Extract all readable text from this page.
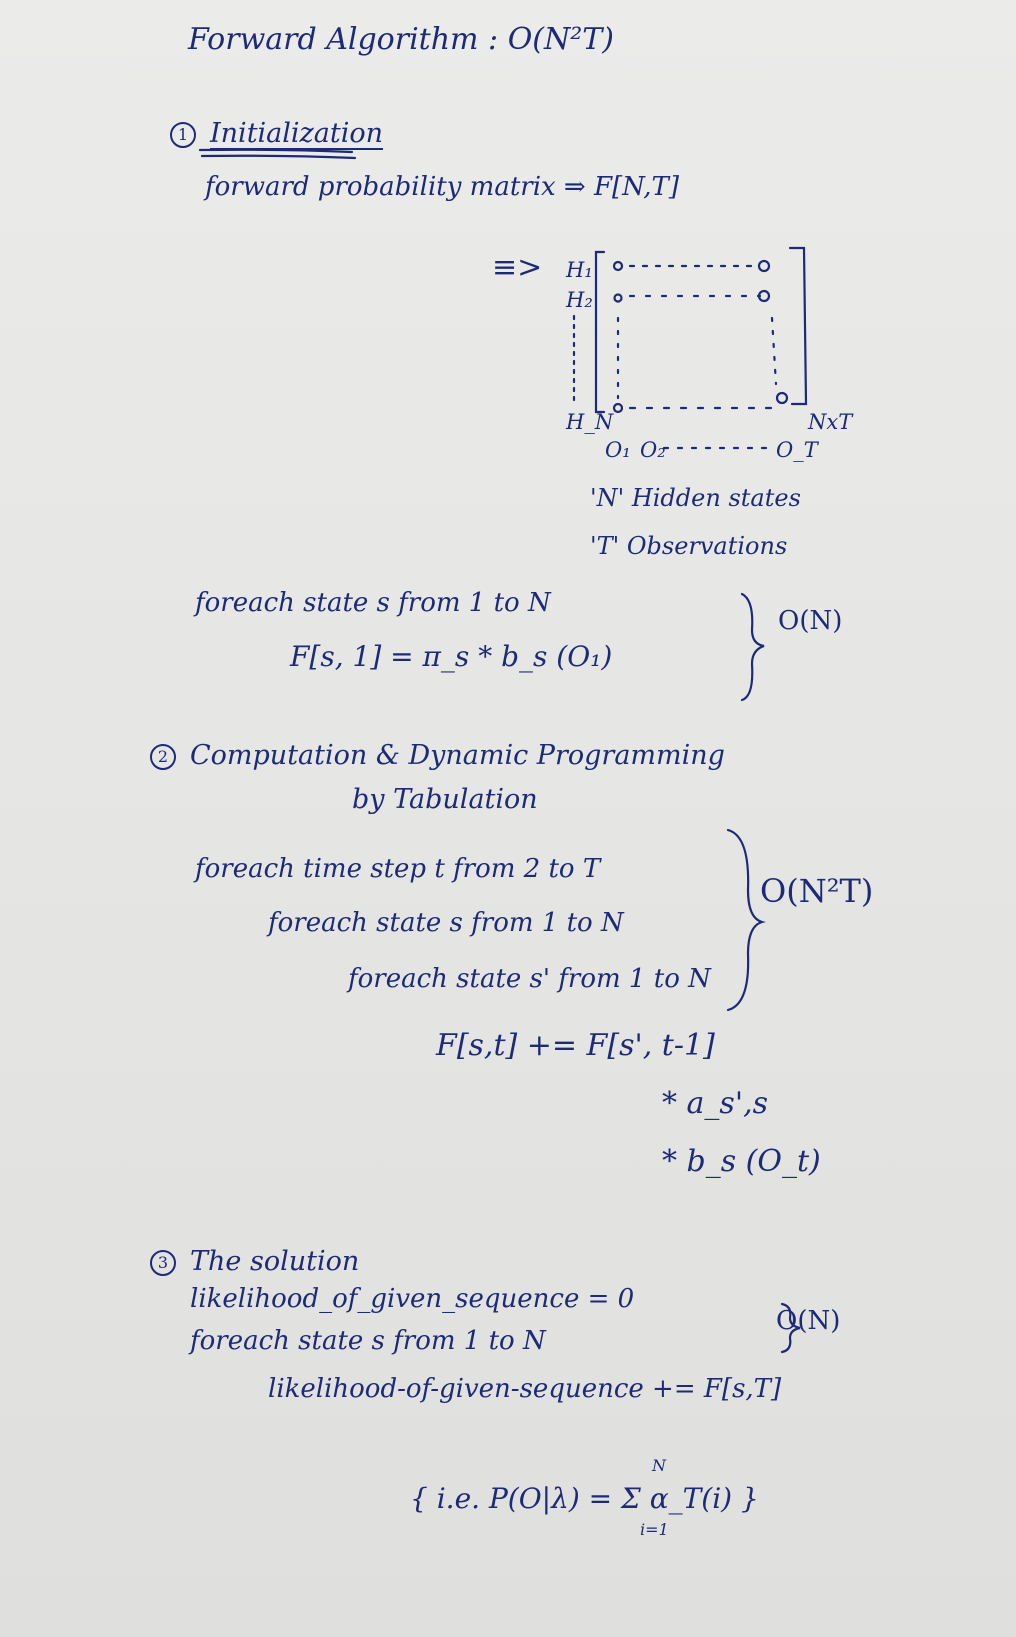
Forward Algorithm : O(N²T)
1 Initialization
forward probability matrix ⇒ F[N,T]
≡> H₁
H₂
H_N
O₁ O₂	O_T
NxT
'N' Hidden states
'T' Observations
foreach state s from 1 to N
F[s, 1] = π_s * b_s (O₁)
O(N)
2 Computation & Dynamic Programming
by Tabulation
foreach time step t from 2 to T
foreach state s from 1 to N
foreach state s' from 1 to N
O(N²T)
F[s,t] += F[s', t-1]
* a_s',s
* b_s (O_t)
3 The solution
likelihood_of_given_sequence = 0
foreach state s from 1 to N
O(N)
likelihood-of-given-sequence += F[s,T]
{ i.e. P(O|λ) = Σ α_T(i) }
N
i=1
